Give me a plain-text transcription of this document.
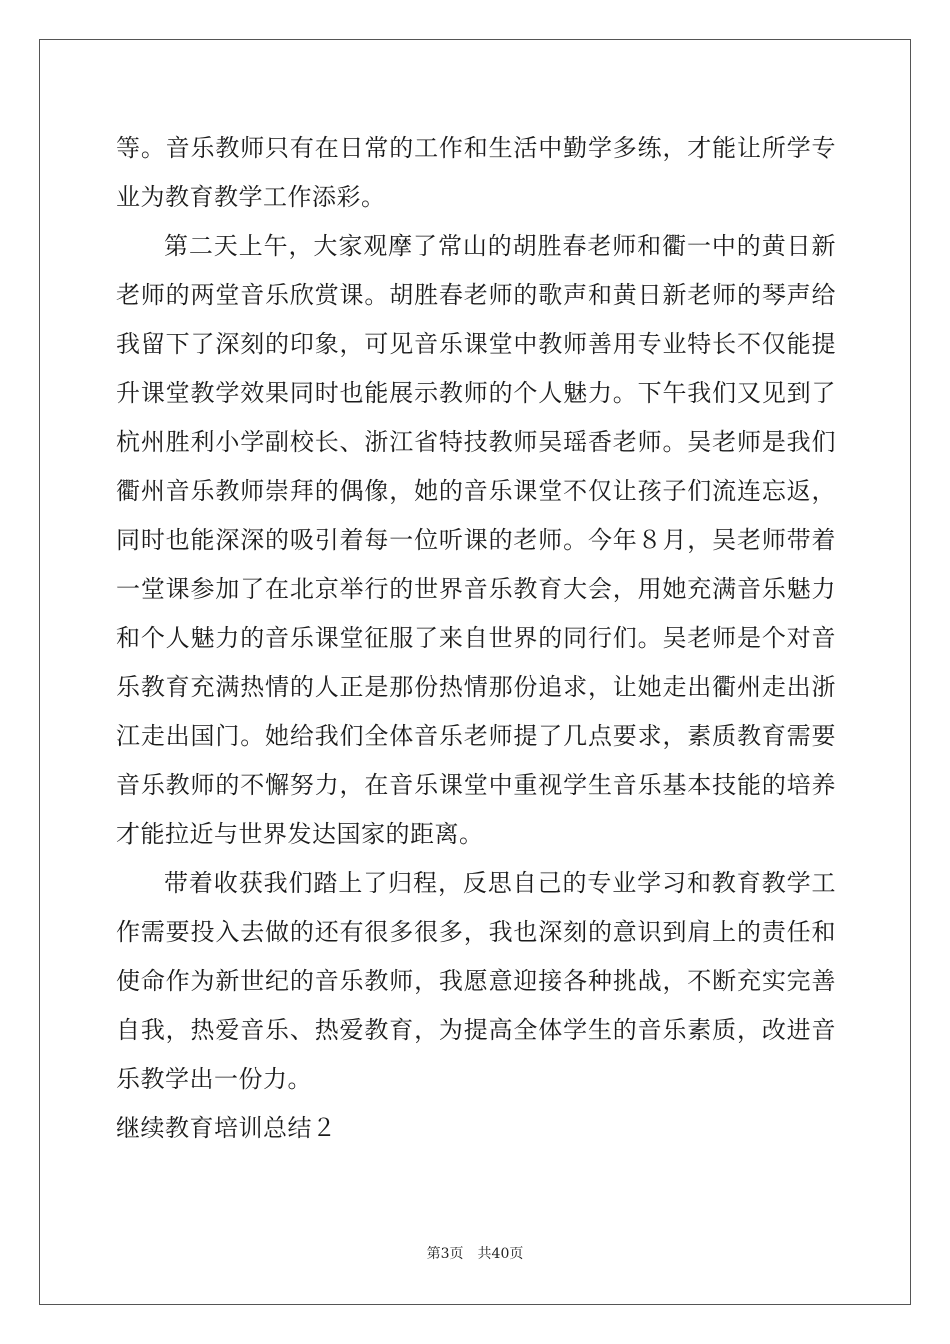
等。音乐教师只有在日常的工作和生活中勤学多练，才能让所学专业为教育教学工作添彩。

第二天上午，大家观摩了常山的胡胜春老师和衢一中的黄日新老师的两堂音乐欣赏课。胡胜春老师的歌声和黄日新老师的琴声给我留下了深刻的印象，可见音乐课堂中教师善用专业特长不仅能提升课堂教学效果同时也能展示教师的个人魅力。下午我们又见到了杭州胜利小学副校长、浙江省特技教师吴瑶香老师。吴老师是我们衢州音乐教师崇拜的偶像，她的音乐课堂不仅让孩子们流连忘返，同时也能深深的吸引着每一位听课的老师。今年８月，吴老师带着一堂课参加了在北京举行的世界音乐教育大会，用她充满音乐魅力和个人魅力的音乐课堂征服了来自世界的同行们。吴老师是个对音乐教育充满热情的人正是那份热情那份追求，让她走出衢州走出浙江走出国门。她给我们全体音乐老师提了几点要求，素质教育需要音乐教师的不懈努力，在音乐课堂中重视学生音乐基本技能的培养才能拉近与世界发达国家的距离。

带着收获我们踏上了归程，反思自己的专业学习和教育教学工作需要投入去做的还有很多很多，我也深刻的意识到肩上的责任和使命作为新世纪的音乐教师，我愿意迎接各种挑战，不断充实完善自我，热爱音乐、热爱教育，为提高全体学生的音乐素质，改进音乐教学出一份力。

继续教育培训总结２

第3页 共40页
